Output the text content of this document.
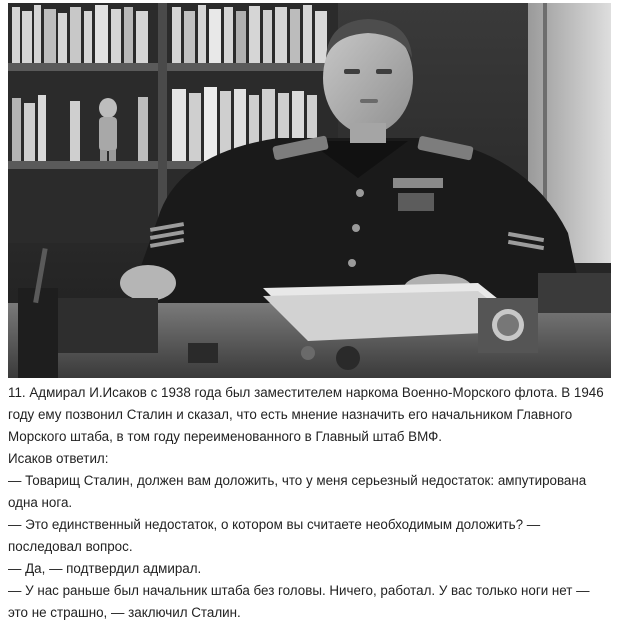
11. Адмирал И.Исаков с 1938 года был заместителем наркома Военно-Морского флота. В 1946 году ему позвонил Сталин и сказал, что есть мнение назначить его начальником Главного Морского штаба, в том году переименованного в Главный штаб ВМФ.

Исаков ответил:

— Товарищ Сталин, должен вам доложить, что у меня серьезный недостаток: ампутирована одна нога.

— Это единственный недостаток, о котором вы считаете необходимым доложить? — последовал вопрос.

— Да, — подтвердил адмирал.

— У нас раньше был начальник штаба без головы. Ничего, работал. У вас только ноги нет — это не страшно, — заключил Сталин.
